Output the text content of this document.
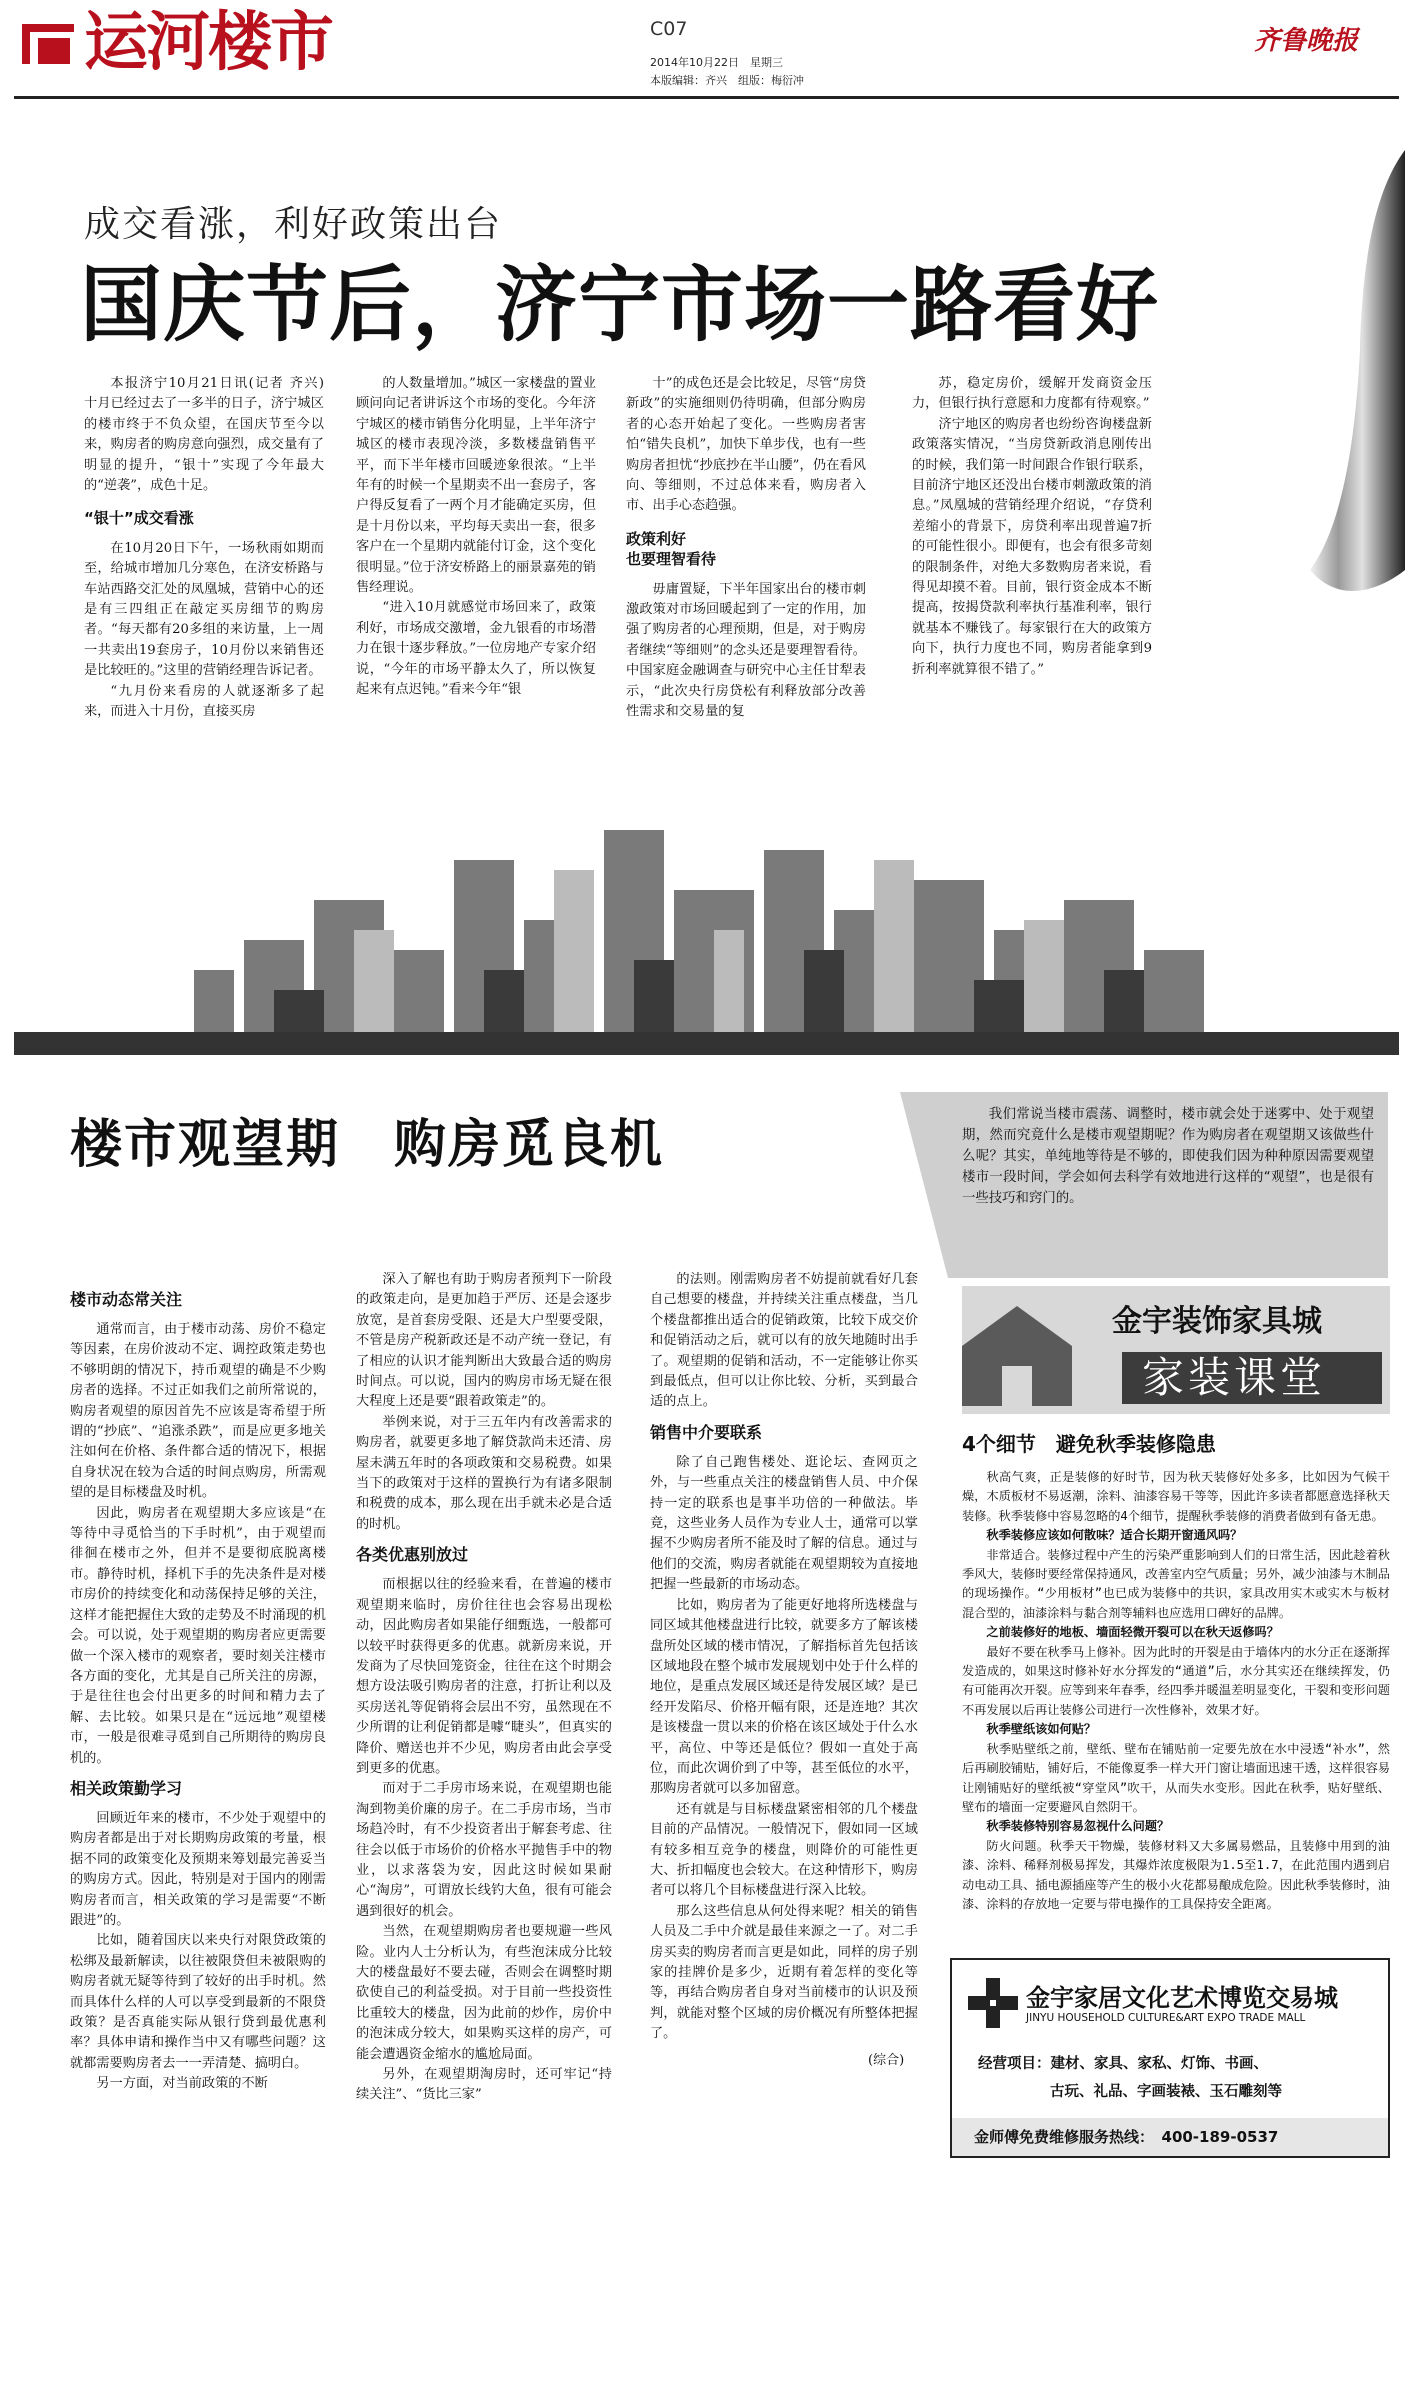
运河楼市	C07
2014年10月22日　星期三
本版编辑：齐兴　组版：梅衍冲
齐鲁晚报
成交看涨，利好政策出台
国庆节后，济宁市场一路看好

本报济宁10月21日讯(记者 齐兴)　十月已经过去了一多半的日子，济宁城区的楼市终于不负众望，在国庆节至今以来，购房者的购房意向强烈，成交量有了明显的提升，“银十”实现了今年最大的“逆袭”，成色十足。

“银十”成交看涨

在10月20日下午，一场秋雨如期而至，给城市增加几分寒色，在济安桥路与车站西路交汇处的凤凰城，营销中心的还是有三四组正在敲定买房细节的购房者。“每天都有20多组的来访量，上一周一共卖出19套房子，10月份以来销售还是比较旺的。”这里的营销经理告诉记者。

“九月份来看房的人就逐渐多了起来，而进入十月份，直接买房

的人数量增加。”城区一家楼盘的置业顾问向记者讲诉这个市场的变化。今年济宁城区的楼市销售分化明显，上半年济宁城区的楼市表现冷淡，多数楼盘销售平平，而下半年楼市回暖迹象很浓。“上半年有的时候一个星期卖不出一套房子，客户得反复看了一两个月才能确定买房，但是十月份以来，平均每天卖出一套，很多客户在一个星期内就能付订金，这个变化很明显。”位于济安桥路上的丽景嘉苑的销售经理说。

“进入10月就感觉市场回来了，政策利好，市场成交激增，金九银看的市场潜力在银十逐步释放。”一位房地产专家介绍说，“今年的市场平静太久了，所以恢复起来有点迟钝。”看来今年“银

十”的成色还是会比较足，尽管“房贷新政”的实施细则仍待明确，但部分购房者的心态开始起了变化。一些购房者害怕“错失良机”，加快下单步伐，也有一些购房者担忧“抄底抄在半山腰”，仍在看风向、等细则，不过总体来看，购房者入市、出手心态趋强。

政策利好
也要理智看待

毋庸置疑，下半年国家出台的楼市刺激政策对市场回暖起到了一定的作用，加强了购房者的心理预期，但是，对于购房者继续“等细则”的念头还是要理智看待。中国家庭金融调查与研究中心主任甘犁表示，“此次央行房贷松有利释放部分改善性需求和交易量的复

苏，稳定房价，缓解开发商资金压力，但银行执行意愿和力度都有待观察。”

济宁地区的购房者也纷纷咨询楼盘新政策落实情况，“当房贷新政消息刚传出的时候，我们第一时间跟合作银行联系，目前济宁地区还没出台楼市刺激政策的消息。”凤凰城的营销经理介绍说，“存贷利差缩小的背景下，房贷利率出现普遍7折的可能性很小。即便有，也会有很多苛刻的限制条件，对绝大多数购房者来说，看得见却摸不着。目前，银行资金成本不断提高，按揭贷款利率执行基准利率，银行就基本不赚钱了。每家银行在大的政策方向下，执行力度也不同，购房者能拿到9折利率就算很不错了。”

楼市观望期　购房觅良机
我们常说当楼市震荡、调整时，楼市就会处于迷雾中、处于观望期，然而究竟什么是楼市观望期呢？作为购房者在观望期又该做些什么呢？其实，单纯地等待是不够的，即使我们因为种种原因需要观望楼市一段时间，学会如何去科学有效地进行这样的“观望”，也是很有一些技巧和窍门的。
楼市动态常关注

通常而言，由于楼市动荡、房价不稳定等因素，在房价波动不定、调控政策走势也不够明朗的情况下，持币观望的确是不少购房者的选择。不过正如我们之前所常说的，购房者观望的原因首先不应该是寄希望于所谓的“抄底”、“追涨杀跌”，而是应更多地关注如何在价格、条件都合适的情况下，根据自身状况在较为合适的时间点购房，所需观望的是目标楼盘及时机。

因此，购房者在观望期大多应该是“在等待中寻觅恰当的下手时机”，由于观望而徘徊在楼市之外，但并不是要彻底脱离楼市。静待时机，择机下手的先决条件是对楼市房价的持续变化和动荡保持足够的关注，这样才能把握住大致的走势及不时涌现的机会。可以说，处于观望期的购房者应更需要做一个深入楼市的观察者，要时刻关注楼市各方面的变化，尤其是自己所关注的房源，于是往往也会付出更多的时间和精力去了解、去比较。如果只是在“远远地”观望楼市，一般是很难寻觅到自己所期待的购房良机的。

相关政策勤学习

回顾近年来的楼市，不少处于观望中的购房者都是出于对长期购房政策的考量，根据不同的政策变化及预期来筹划最完善妥当的购房方式。因此，特别是对于国内的刚需购房者而言，相关政策的学习是需要“不断跟进”的。

比如，随着国庆以来央行对限贷政策的松绑及最新解读，以往被限贷但未被限购的购房者就无疑等待到了较好的出手时机。然而具体什么样的人可以享受到最新的不限贷政策？是否真能实际从银行贷到最优惠利率？具体申请和操作当中又有哪些问题？这就都需要购房者去一一弄清楚、搞明白。

另一方面，对当前政策的不断

深入了解也有助于购房者预判下一阶段的政策走向，是更加趋于严厉、还是会逐步放宽，是首套房受限、还是大户型要受限，不管是房产税新政还是不动产统一登记，有了相应的认识才能判断出大致最合适的购房时间点。可以说，国内的购房市场无疑在很大程度上还是要“跟着政策走”的。

举例来说，对于三五年内有改善需求的购房者，就要更多地了解贷款尚未还清、房屋未满五年时的各项政策和交易税费。如果当下的政策对于这样的置换行为有诸多限制和税费的成本，那么现在出手就未必是合适的时机。

各类优惠别放过

而根据以往的经验来看，在普遍的楼市观望期来临时，房价往往也会容易出现松动，因此购房者如果能仔细甄选，一般都可以较平时获得更多的优惠。就新房来说，开发商为了尽快回笼资金，往往在这个时期会想方设法吸引购房者的注意，打折让利以及买房送礼等促销将会层出不穷，虽然现在不少所谓的让利促销都是噱“睫头”，但真实的降价、赠送也并不少见，购房者由此会享受到更多的优惠。

而对于二手房市场来说，在观望期也能淘到物美价廉的房子。在二手房市场，当市场趋冷时，有不少投资者出于解套考虑、往往会以低于市场价的价格水平抛售手中的物业，以求落袋为安，因此这时候如果耐心“淘房”，可谓放长线钓大鱼，很有可能会遇到很好的机会。

当然，在观望期购房者也要规避一些风险。业内人士分析认为，有些泡沫成分比较大的楼盘最好不要去碰，否则会在调整时期砍使自己的利益受损。对于目前一些投资性比重较大的楼盘，因为此前的炒作，房价中的泡沫成分较大，如果购买这样的房产，可能会遭遇资金缩水的尴尬局面。

另外，在观望期淘房时，还可牢记“持续关注”、“货比三家”

的法则。刚需购房者不妨提前就看好几套自己想要的楼盘，并持续关注重点楼盘，当几个楼盘都推出适合的促销政策，比较下成交价和促销活动之后，就可以有的放矢地随时出手了。观望期的促销和活动，不一定能够让你买到最低点，但可以让你比较、分析，买到最合适的点上。

销售中介要联系

除了自己跑售楼处、逛论坛、查网页之外，与一些重点关注的楼盘销售人员、中介保持一定的联系也是事半功倍的一种做法。毕竟，这些业务人员作为专业人士，通常可以掌握不少购房者所不能及时了解的信息。通过与他们的交流，购房者就能在观望期较为直接地把握一些最新的市场动态。

比如，购房者为了能更好地将所选楼盘与同区域其他楼盘进行比较，就要多方了解该楼盘所处区域的楼市情况，了解指标首先包括该区域地段在整个城市发展规划中处于什么样的地位，是重点发展区域还是待发展区域？是已经开发陷尽、价格开幅有限，还是连地？其次是该楼盘一贯以来的价格在该区域处于什么水平，高位、中等还是低位？假如一直处于高位，而此次调价到了中等，甚至低位的水平，那购房者就可以多加留意。

还有就是与目标楼盘紧密相邻的几个楼盘目前的产品情况。一般情况下，假如同一区域有较多相互竞争的楼盘，则降价的可能性更大、折扣幅度也会较大。在这种情形下，购房者可以将几个目标楼盘进行深入比较。

那么这些信息从何处得来呢？相关的销售人员及二手中介就是最佳来源之一了。对二手房买卖的购房者而言更是如此，同样的房子别家的挂牌价是多少，近期有着怎样的变化等等，再结合购房者自身对当前楼市的认识及预判，就能对整个区域的房价概况有所整体把握了。

(综合)
金宇装饰家具城
家装课堂
4个细节　避免秋季装修隐患

秋高气爽，正是装修的好时节，因为秋天装修好处多多，比如因为气候干燥，木质板材不易返潮，涂料、油漆容易干等等，因此许多读者都愿意选择秋天装修。秋季装修中容易忽略的4个细节，提醒秋季装修的消费者做到有备无患。

秋季装修应该如何散味？适合长期开窗通风吗？

非常适合。装修过程中产生的污染严重影响到人们的日常生活，因此趁着秋季风大，装修时要经常保持通风，改善室内空气质量；另外，减少油漆与木制品的现场操作。“少用板材”也已成为装修中的共识，家具改用实木或实木与板材混合型的，油漆涂料与黏合剂等辅料也应选用口碑好的品牌。

之前装修好的地板、墙面轻微开裂可以在秋天返修吗？

最好不要在秋季马上修补。因为此时的开裂是由于墙体内的水分正在逐渐挥发造成的，如果这时修补好水分挥发的“通道”后，水分其实还在继续挥发，仍有可能再次开裂。应等到来年春季，经四季并暖温差明显变化，干裂和变形问题不再发展以后再让装修公司进行一次性修补，效果才好。

秋季壁纸该如何贴？

秋季贴壁纸之前，壁纸、壁布在铺贴前一定要先放在水中浸透“补水”，然后再刷胶铺贴，铺好后，不能像夏季一样大开门窗让墙面迅速干透，这样很容易让刚铺贴好的壁纸被“穿堂风”吹干，从而失水变形。因此在秋季，贴好壁纸、壁布的墙面一定要避风自然阴干。

秋季装修特别容易忽视什么问题？

防火问题。秋季天干物燥，装修材料又大多属易燃品，且装修中用到的油漆、涂料、稀释剂极易挥发，其爆炸浓度极限为1.5至1.7，在此范围内遇到启动电动工具、插电源插座等产生的极小火花都易酿成危险。因此秋季装修时，油漆、涂料的存放地一定要与带电操作的工具保持安全距离。

金宇家居文化艺术博览交易城
JINYU HOUSEHOLD CULTURE&ART EXPO TRADE MALL
经营项目：建材、家具、家私、灯饰、书画、
古玩、礼品、字画装裱、玉石雕刻等
金师傅免费维修服务热线：　400-189-0537
